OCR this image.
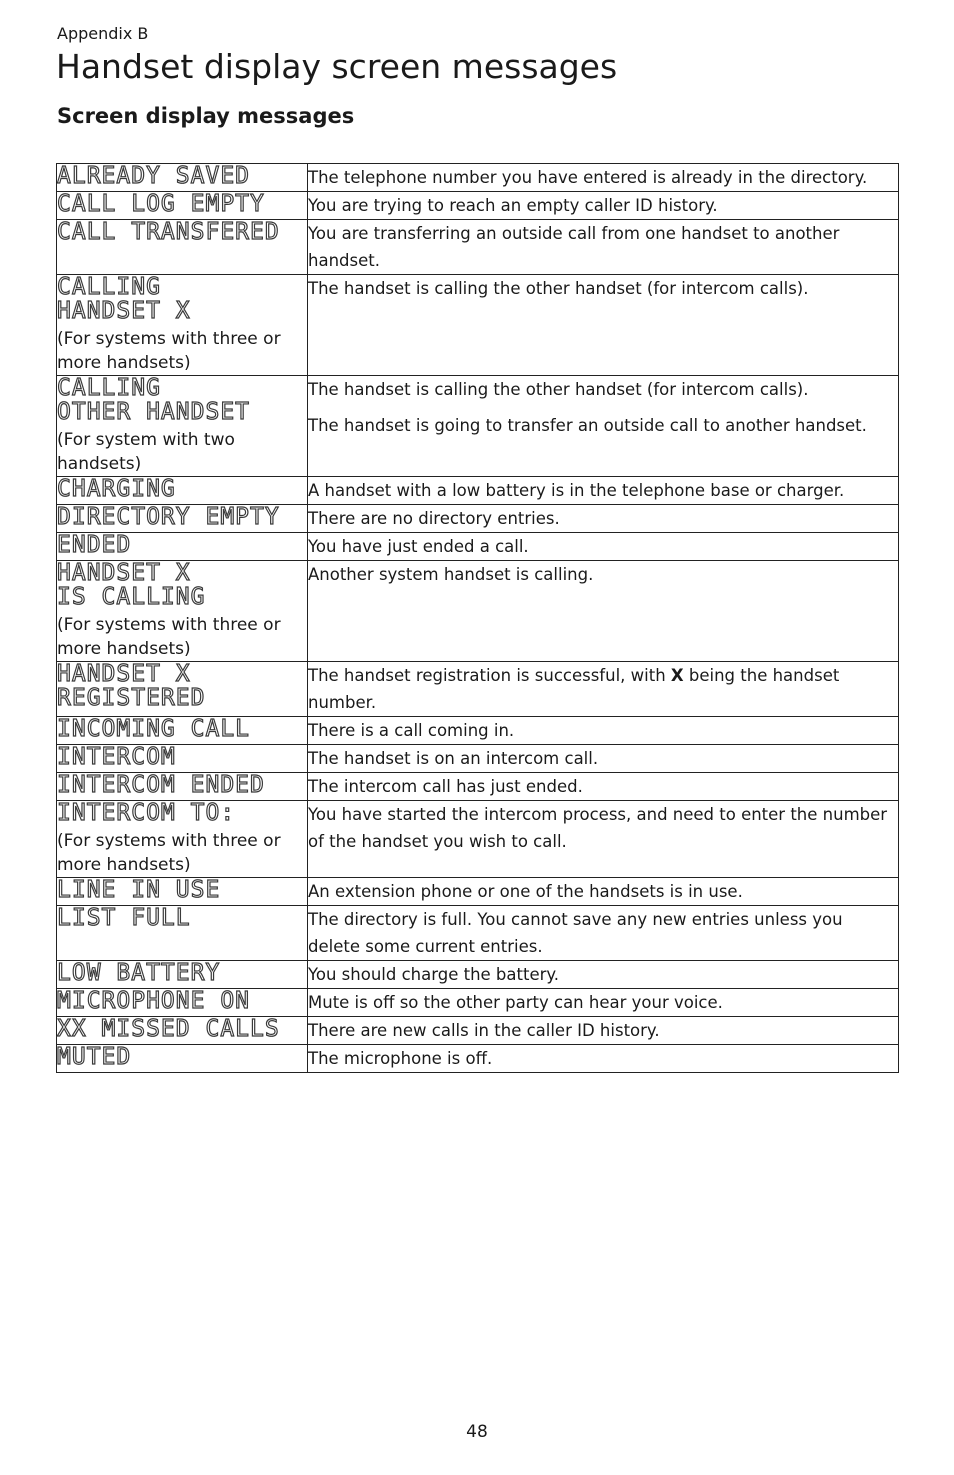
Appendix B
Handset display screen messages
Screen display messages
ALREADY SAVED	The telephone number you have entered is already in the directory.

CALL LOG EMPTY	You are trying to reach an empty caller ID history.

CALL TRANSFERED	You are transferring an outside call from one handset to another handset.

CALLING
HANDSET X
(For systems with three or more handsets)	The handset is calling the other handset (for intercom calls).

CALLING
OTHER HANDSET
(For system with two handsets)	The handset is calling the other handset (for intercom calls).
The handset is going to transfer an outside call to another handset.

CHARGING	A handset with a low battery is in the telephone base or charger.

DIRECTORY EMPTY	There are no directory entries.

ENDED	You have just ended a call.

HANDSET X
IS CALLING
(For systems with three or more handsets)	Another system handset is calling.

HANDSET X
REGISTERED	The handset registration is successful, with X being the handset number.

INCOMING CALL	There is a call coming in.

INTERCOM	The handset is on an intercom call.

INTERCOM ENDED	The intercom call has just ended.

INTERCOM TO:
(For systems with three or more handsets)	You have started the intercom process, and need to enter the number of the handset you wish to call.

LINE IN USE	An extension phone or one of the handsets is in use.

LIST FULL	The directory is full. You cannot save any new entries unless you delete some current entries.

LOW BATTERY	You should charge the battery.

MICROPHONE ON	Mute is off so the other party can hear your voice.

XX MISSED CALLS	There are new calls in the caller ID history.

MUTED	The microphone is off.
48
